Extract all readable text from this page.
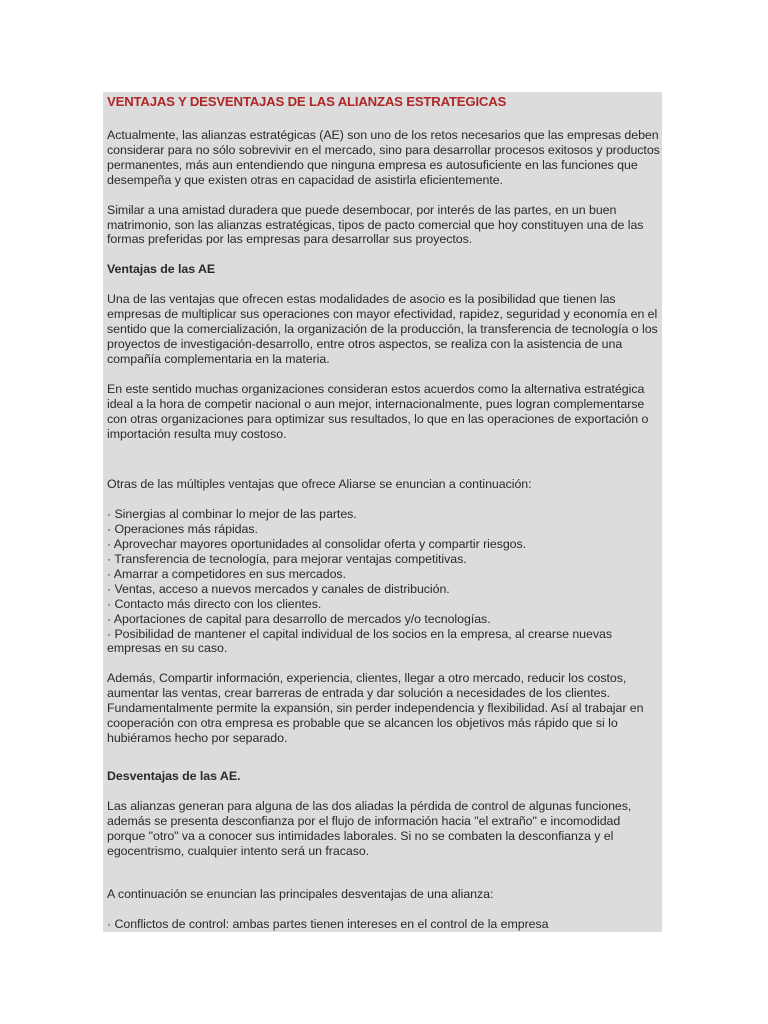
VENTAJAS Y DESVENTAJAS DE LAS ALIANZAS ESTRATEGICAS

Actualmente, las alianzas estratégicas (AE) son uno de los retos necesarios que las empresas deben considerar para no sólo sobrevivir en el mercado, sino para desarrollar procesos exitosos y productos permanentes, más aun entendiendo que ninguna empresa es autosuficiente en las funciones que desempeña y que existen otras en capacidad de asistirla eficientemente.

Similar a una amistad duradera que puede desembocar, por interés de las partes, en un buen matrimonio, son las alianzas estratégicas, tipos de pacto comercial que hoy constituyen una de las formas preferidas por las empresas para desarrollar sus proyectos.

Ventajas de las AE

Una de las ventajas que ofrecen estas modalidades de asocio es la posibilidad que tienen las empresas de multiplicar sus operaciones con mayor efectividad, rapidez, seguridad y economía en el sentido que la comercialización, la organización de la producción, la transferencia de tecnología o los proyectos de investigación-desarrollo, entre otros aspectos, se realiza con la asistencia de una compañía complementaria en la materia.

En este sentido muchas organizaciones consideran estos acuerdos como la alternativa estratégica ideal a la hora de competir nacional o aun mejor, internacionalmente, pues logran complementarse con otras organizaciones para optimizar sus resultados, lo que en las operaciones de exportación o importación resulta muy costoso.

Otras de las múltiples ventajas que ofrece Aliarse se enuncian a continuación:

· Sinergias al combinar lo mejor de las partes.
· Operaciones más rápidas.
· Aprovechar mayores oportunidades al consolidar oferta y compartir riesgos.
· Transferencia de tecnología, para mejorar ventajas competitivas.
· Amarrar a competidores en sus mercados.
· Ventas, acceso a nuevos mercados y canales de distribución.
· Contacto más directo con los clientes.
· Aportaciones de capital para desarrollo de mercados y/o tecnologías.
· Posibilidad de mantener el capital individual de los socios en la empresa, al crearse nuevas empresas en su caso.

Además, Compartir información, experiencia, clientes, llegar a otro mercado, reducir los costos, aumentar las ventas, crear barreras de entrada y dar solución a necesidades de los clientes. Fundamentalmente permite la expansión, sin perder independencia y flexibilidad. Así al trabajar en cooperación con otra empresa es probable que se alcancen los objetivos más rápido que si lo hubiéramos hecho por separado.

Desventajas de las AE.

Las alianzas generan para alguna de las dos aliadas la pérdida de control de algunas funciones, además se presenta desconfianza por el flujo de información hacia "el extraño" e incomodidad porque "otro" va a conocer sus intimidades laborales. Si no se combaten la desconfianza y el egocentrismo, cualquier intento será un fracaso.

A continuación se enuncian las principales desventajas de una alianza:

· Conflictos de control: ambas partes tienen intereses en el control de la empresa
